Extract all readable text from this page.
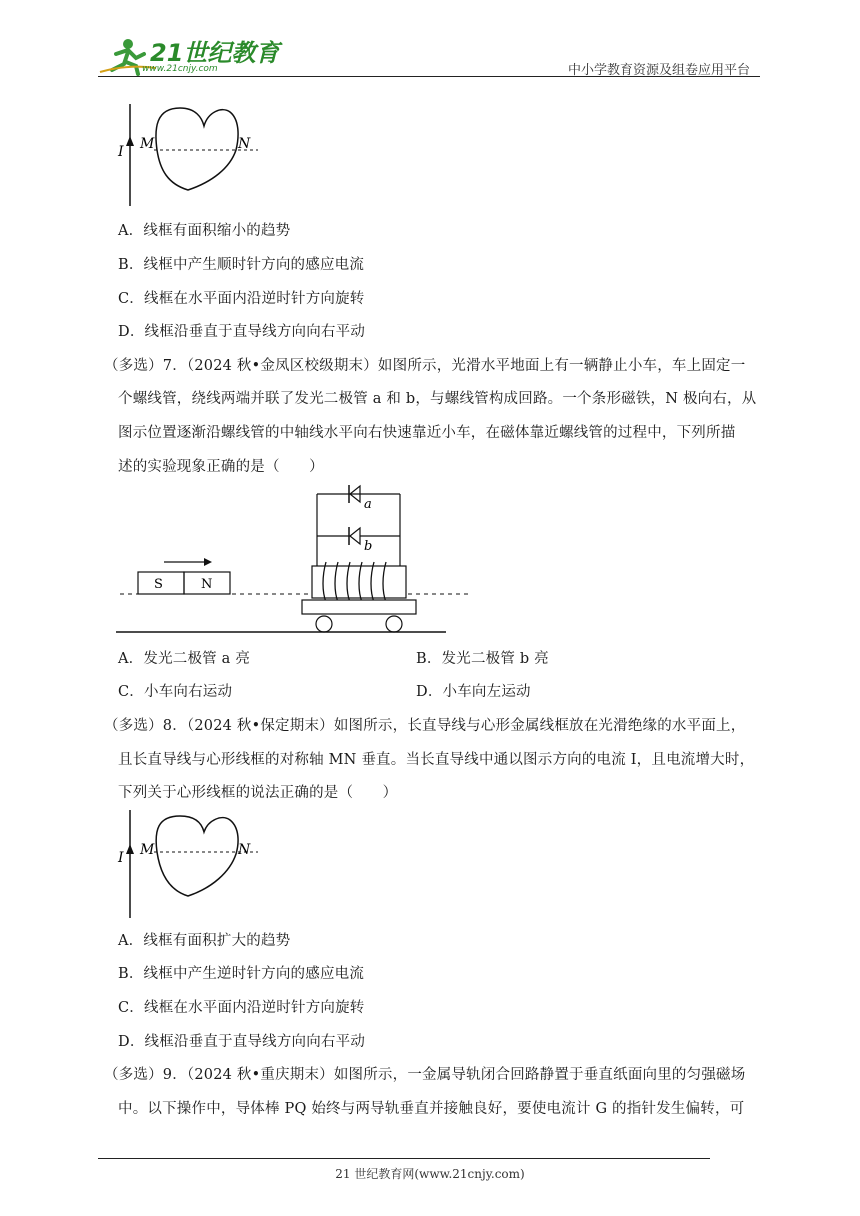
21世纪教育
www.21cnjy.com	中小学教育资源及组卷应用平台
I M	N
A．线框有面积缩小的趋势
B．线框中产生顺时针方向的感应电流
C．线框在水平面内沿逆时针方向旋转
D．线框沿垂直于直导线方向向右平动
（多选）7．（2024 秋•金凤区校级期末）如图所示，光滑水平地面上有一辆静止小车，车上固定一
个螺线管，绕线两端并联了发光二极管 a 和 b，与螺线管构成回路。一个条形磁铁，N 极向右，从
图示位置逐渐沿螺线管的中轴线水平向右快速靠近小车，在磁体靠近螺线管的过程中，下列所描
述的实验现象正确的是（　　）
S	N
a
b
A．发光二极管 a 亮	B．发光二极管 b 亮
C．小车向右运动	D．小车向左运动
（多选）8．（2024 秋•保定期末）如图所示，长直导线与心形金属线框放在光滑绝缘的水平面上，
且长直导线与心形线框的对称轴 MN 垂直。当长直导线中通以图示方向的电流 I，且电流增大时，
下列关于心形线框的说法正确的是（　　）
I M	N
A．线框有面积扩大的趋势
B．线框中产生逆时针方向的感应电流
C．线框在水平面内沿逆时针方向旋转
D．线框沿垂直于直导线方向向右平动
（多选）9．（2024 秋•重庆期末）如图所示，一金属导轨闭合回路静置于垂直纸面向里的匀强磁场
中。以下操作中，导体棒 PQ 始终与两导轨垂直并接触良好，要使电流计 G 的指针发生偏转，可
21 世纪教育网(www.21cnjy.com)
